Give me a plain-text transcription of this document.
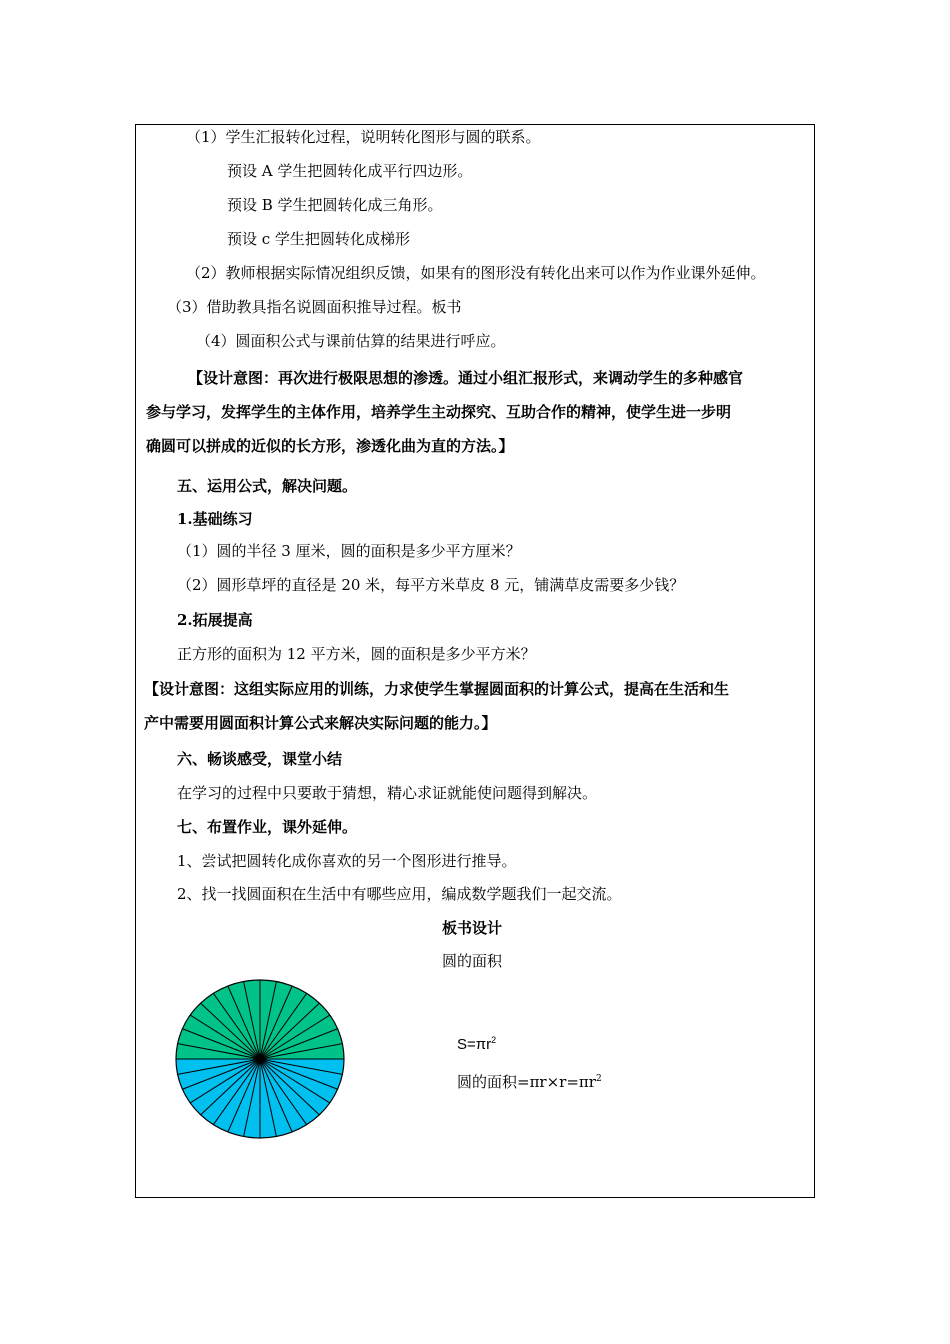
（1）学生汇报转化过程，说明转化图形与圆的联系。
预设 A 学生把圆转化成平行四边形。
预设 B 学生把圆转化成三角形。
预设 c 学生把圆转化成梯形
（2）教师根据实际情况组织反馈，如果有的图形没有转化出来可以作为作业课外延伸。
（3）借助教具指名说圆面积推导过程。板书
（4）圆面积公式与课前估算的结果进行呼应。
【设计意图：再次进行极限思想的渗透。通过小组汇报形式，来调动学生的多种感官
参与学习，发挥学生的主体作用，培养学生主动探究、互助合作的精神，使学生进一步明
确圆可以拼成的近似的长方形，渗透化曲为直的方法。】
五、运用公式，解决问题。
1.基础练习
（1）圆的半径 3 厘米，圆的面积是多少平方厘米？
（2）圆形草坪的直径是 20 米，每平方米草皮 8 元，铺满草皮需要多少钱？
2.拓展提高
正方形的面积为 12 平方米，圆的面积是多少平方米？
【设计意图：这组实际应用的训练，力求使学生掌握圆面积的计算公式，提高在生活和生
产中需要用圆面积计算公式来解决实际问题的能力。】
六、畅谈感受，课堂小结
在学习的过程中只要敢于猜想，精心求证就能使问题得到解决。
七、布置作业，课外延伸。
1、尝试把圆转化成你喜欢的另一个图形进行推导。
2、找一找圆面积在生活中有哪些应用，编成数学题我们一起交流。
板书设计
圆的面积
$S=\pi r^2$
圆的面积$=\pi r\times r=\pi r^2$
